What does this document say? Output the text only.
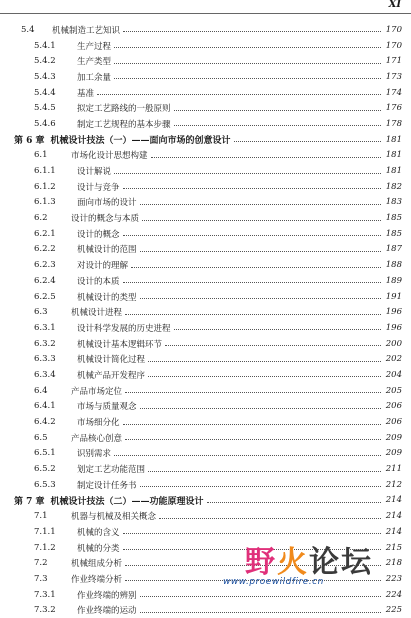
XI
5.4	机械制造工艺知识	170
5.4.1	生产过程	170
5.4.2	生产类型	171
5.4.3	加工余量	173
5.4.4	基准	174
5.4.5	拟定工艺路线的一般原则	176
5.4.6	制定工艺规程的基本步骤	178
第 6 章 机械设计技法（一）——面向市场的创意设计	181
6.1	市场化设计思想构建	181
6.1.1	设计解说	181
6.1.2	设计与竞争	182
6.1.3	面向市场的设计	183
6.2	设计的概念与本质	185
6.2.1	设计的概念	185
6.2.2	机械设计的范围	187
6.2.3	对设计的理解	188
6.2.4	设计的本质	189
6.2.5	机械设计的类型	191
6.3	机械设计进程	196
6.3.1	设计科学发展的历史进程	196
6.3.2	机械设计基本逻辑环节	200
6.3.3	机械设计简化过程	202
6.3.4	机械产品开发程序	204
6.4	产品市场定位	205
6.4.1	市场与质量观念	206
6.4.2	市场细分化	206
6.5	产品核心创意	209
6.5.1	识别需求	209
6.5.2	划定工艺功能范围	211
6.5.3	制定设计任务书	212
第 7 章 机械设计技法（二）——功能原理设计	214
7.1	机器与机械及相关概念	214
7.1.1	机械的含义	214
7.1.2	机械的分类	215
7.2	机械组成分析	218
7.3	作业终端分析	223
7.3.1	作业终端的辨别	224
7.3.2	作业终端的运动	225
野火论坛
www.proewildfire.cn
